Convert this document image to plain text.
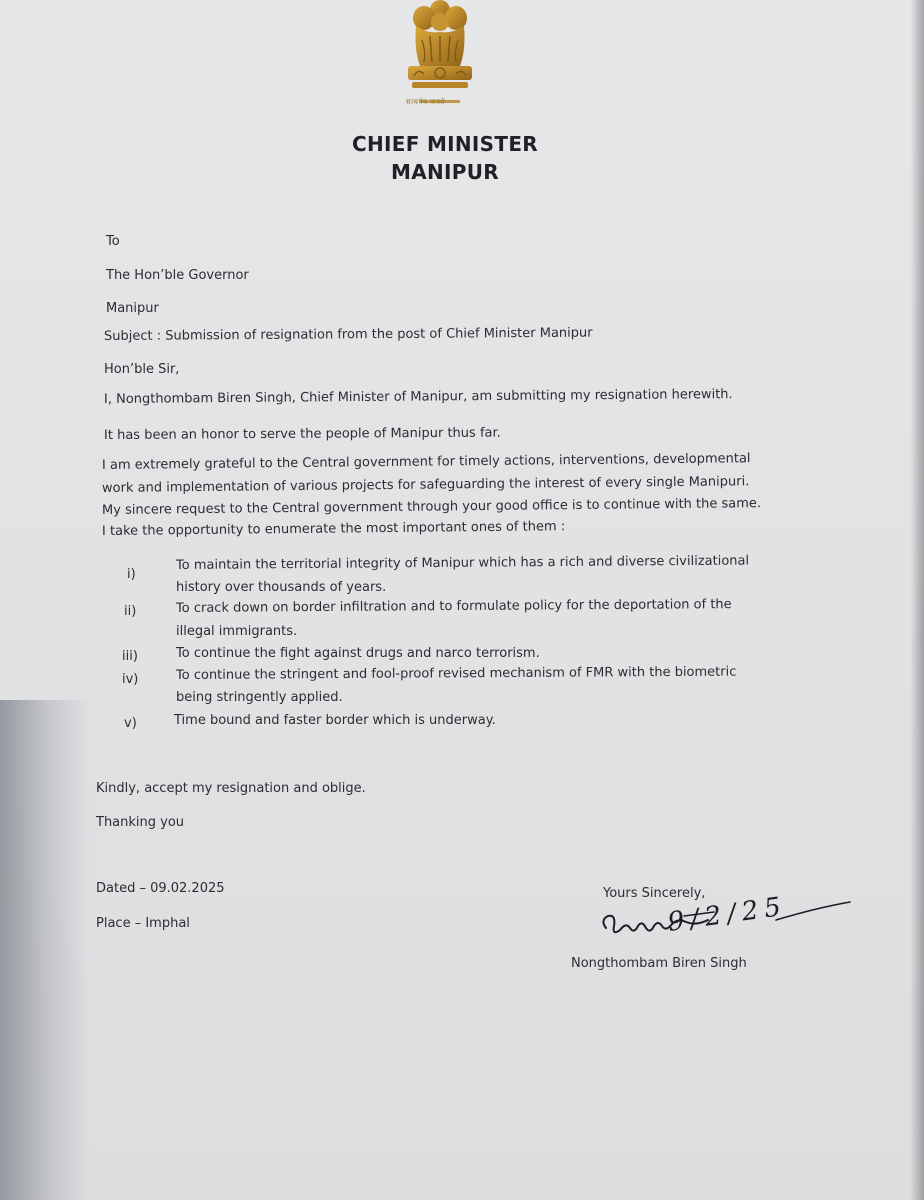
सत्यमेव जयते
CHIEF MINISTER
MANIPUR
To
The Hon’ble Governor
Manipur
Subject : Submission of resignation from the post of Chief Minister Manipur
Hon’ble Sir,
I, Nongthombam Biren Singh, Chief Minister of Manipur, am submitting my resignation herewith.
It has been an honor to serve the people of Manipur thus far.
I am extremely grateful to the Central government for timely actions, interventions, developmental
work and implementation of various projects for safeguarding the interest of every single Manipuri.
My sincere request to the Central government through your good office is to continue with the same.
I take the opportunity to enumerate the most important ones of them :
i)
To maintain the territorial integrity of Manipur which has a rich and diverse civilizational
history over thousands of years.
ii)	To crack down on border infiltration and to formulate policy for the deportation of the
illegal immigrants.
iii)	To continue the fight against drugs and narco terrorism.
iv)	To continue the stringent and fool-proof revised mechanism of FMR with the biometric
being stringently applied.
v)	Time bound and faster border which is underway.
Kindly, accept my resignation and oblige.
Thanking you
Dated – 09.02.2025
Place – Imphal
Yours Sincerely,
9/2/25
Nongthombam Biren Singh
